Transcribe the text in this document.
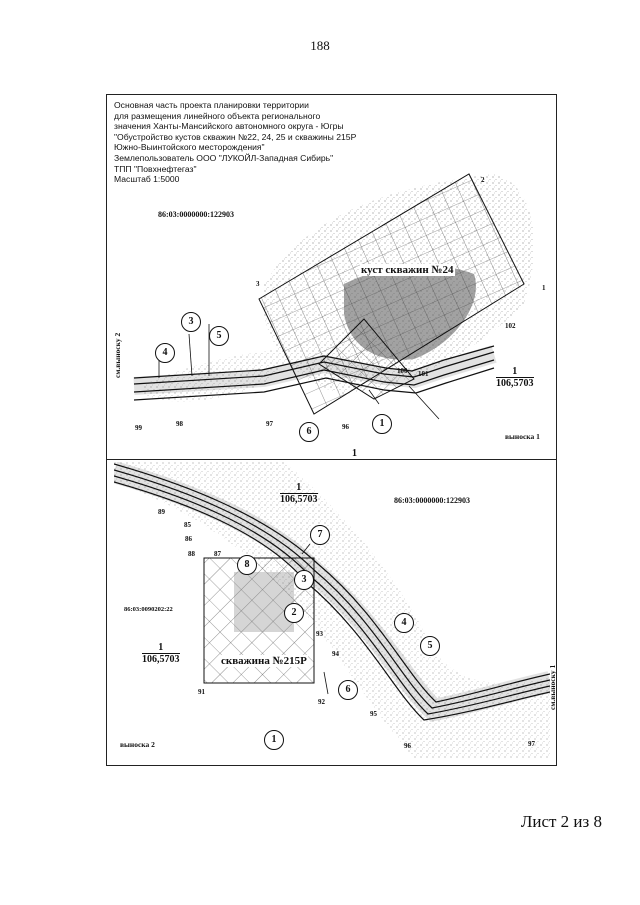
188
Основная часть проекта планировки территории
для размещения линейного объекта регионального
значения Ханты-Мансийского автономного округа - Югры
"Обустройство кустов скважин №22, 24, 25 и скважины 215Р
Южно-Выинтойского месторождения"
Землепользователь ООО "ЛУКОЙЛ-Западная Сибирь"
ТПП "Повхнефтегаз"
Масштаб 1:5000
86:03:0000000:122903
куст скважин №24
выноска 1
см.выноску 2	$\frac{1}{106,5703}$
100 101
102
96
97
98
99
3	1
2
1
3
4
5
6
1
86:03:0000000:122903
86:03:0090202:22
скважина №215Р
выноска 2
см.выноску 1
$\frac{1}{106,5703}$
$\frac{1}{106,5703}$
91
92
93
94
95
96	97
85
86
87
88
89
1
2
3
4
5
6
7
8
Лист 2 из 8
